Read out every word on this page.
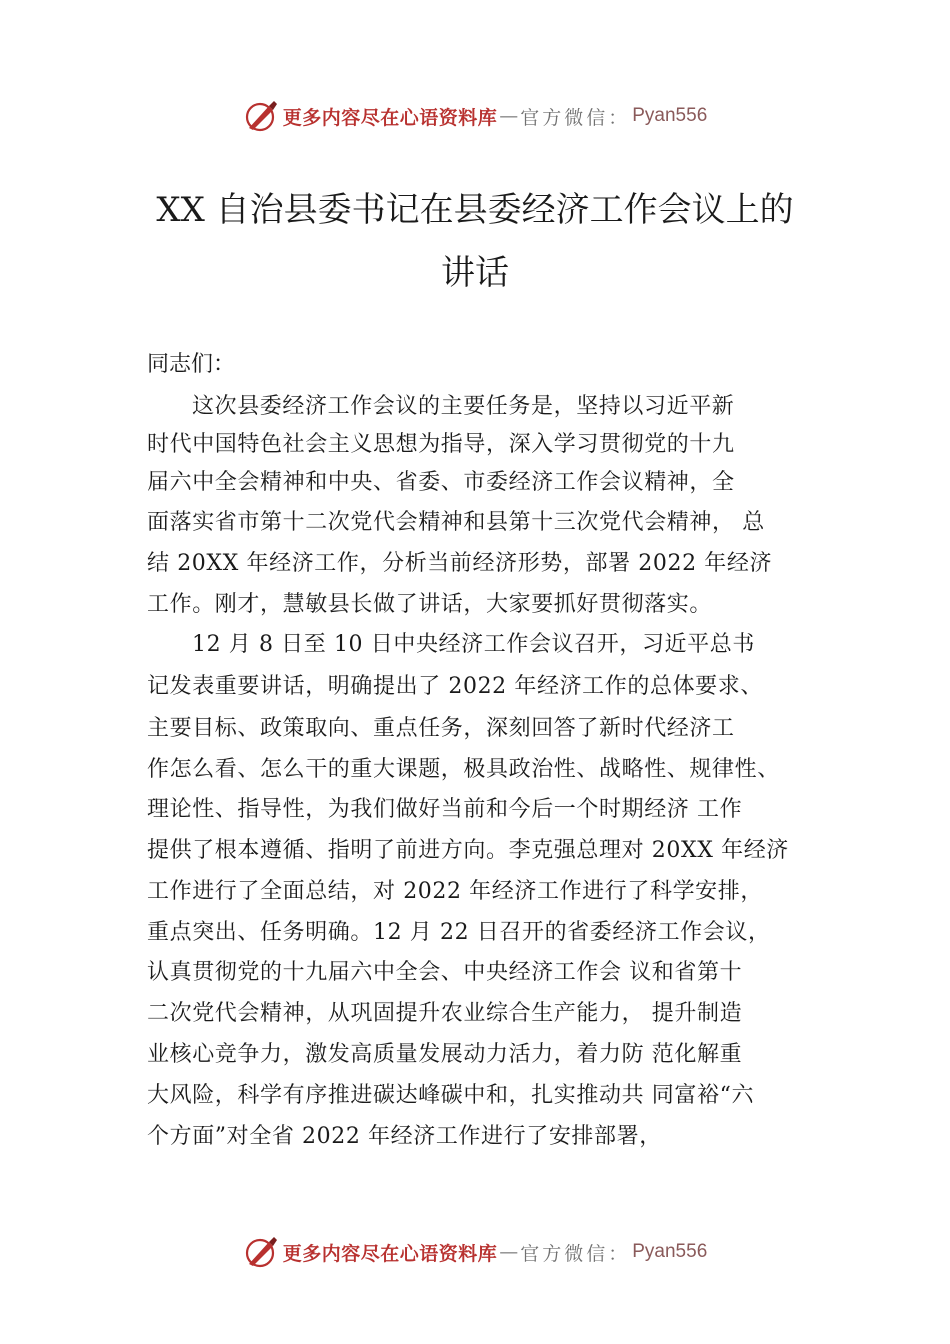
更多内容尽在心语资料库 — 官方微信： Pyan556
XX 自治县委书记在县委经济工作会议上的
讲话
同志们：
这次县委经济工作会议的主要任务是，坚持以习近平新
时代中国特色社会主义思想为指导，深入学习贯彻党的十九
届六中全会精神和中央、省委、市委经济工作会议精神，全
面落实省市第十二次党代会精神和县第十三次党代会精神， 总
结 20XX 年经济工作，分析当前经济形势，部署 2022 年经济
工作。刚才，慧敏县长做了讲话，大家要抓好贯彻落实。
12 月 8 日至 10 日中央经济工作会议召开，习近平总书
记发表重要讲话，明确提出了 2022 年经济工作的总体要求、
主要目标、政策取向、重点任务，深刻回答了新时代经济工
作怎么看、怎么干的重大课题，极具政治性、战略性、规律性、
理论性、指导性，为我们做好当前和今后一个时期经济 工作
提供了根本遵循、指明了前进方向。李克强总理对 20XX 年经济
工作进行了全面总结，对 2022 年经济工作进行了科学安排，
重点突出、任务明确。12 月 22 日召开的省委经济工作会议，
认真贯彻党的十九届六中全会、中央经济工作会 议和省第十
二次党代会精神，从巩固提升农业综合生产能力， 提升制造
业核心竞争力，激发高质量发展动力活力，着力防 范化解重
大风险，科学有序推进碳达峰碳中和，扎实推动共 同富裕“六
个方面”对全省 2022 年经济工作进行了安排部署，
更多内容尽在心语资料库 — 官方微信： Pyan556
